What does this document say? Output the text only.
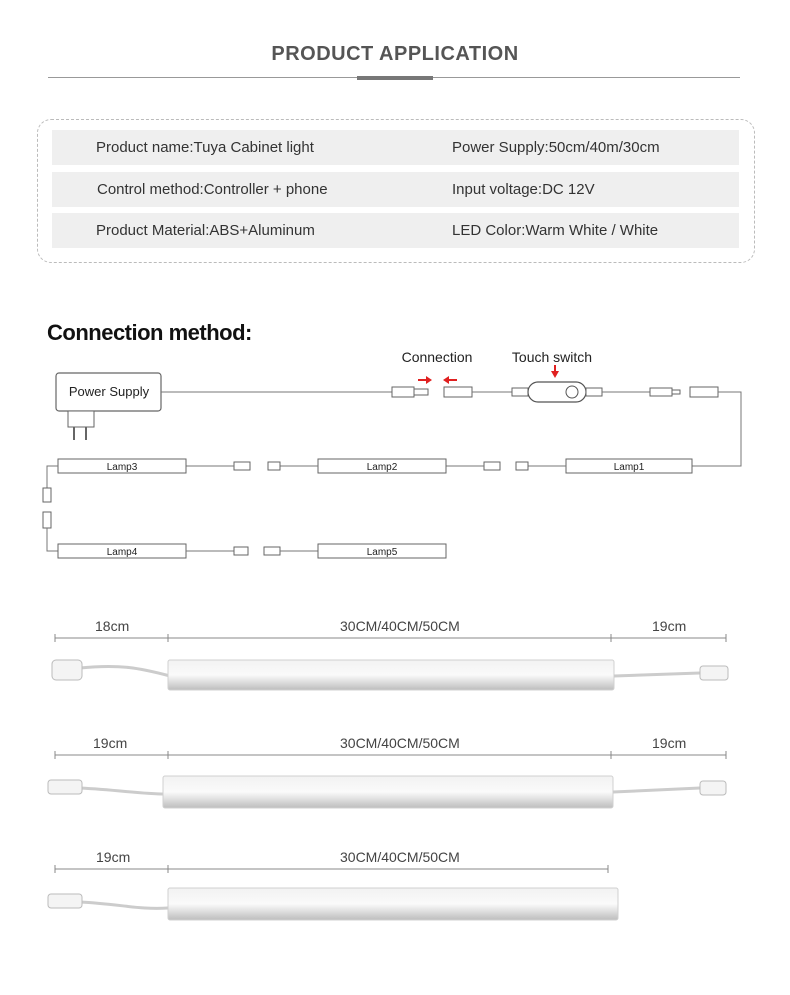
PRODUCT APPLICATION
Product name:Tuya Cabinet light	Power Supply:50cm/40m/30cm
Control method:Controller + phone	Input voltage:DC 12V
Product Material:ABS+Aluminum	LED Color:Warm White / White
Connection method:
Power Supply
Connection	Touch switch
Lamp1
Lamp2
Lamp3
Lamp4	Lamp5
18cm	30CM/40CM/50CM	19cm
19cm	30CM/40CM/50CM	19cm
19cm	30CM/40CM/50CM
